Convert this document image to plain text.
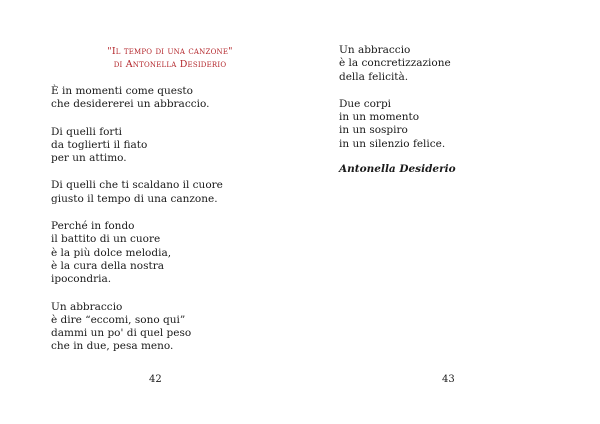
"Il tempo di una canzone"
di Antonella Desiderio

È in momenti come questo
che desidererei un abbraccio.

Di quelli forti
da toglierti il fiato
per un attimo.

Di quelli che ti scaldano il cuore
giusto il tempo di una canzone.

Perché in fondo
il battito di un cuore
è la più dolce melodia,
è la cura della nostra
ipocondria.

Un abbraccio
è dire “eccomi, sono qui”
dammi un po' di quel peso
che in due, pesa meno.

42

Un abbraccio
è la concretizzazione
della felicità.

Due corpi
in un momento
in un sospiro
in un silenzio felice.

Antonella Desiderio
43
